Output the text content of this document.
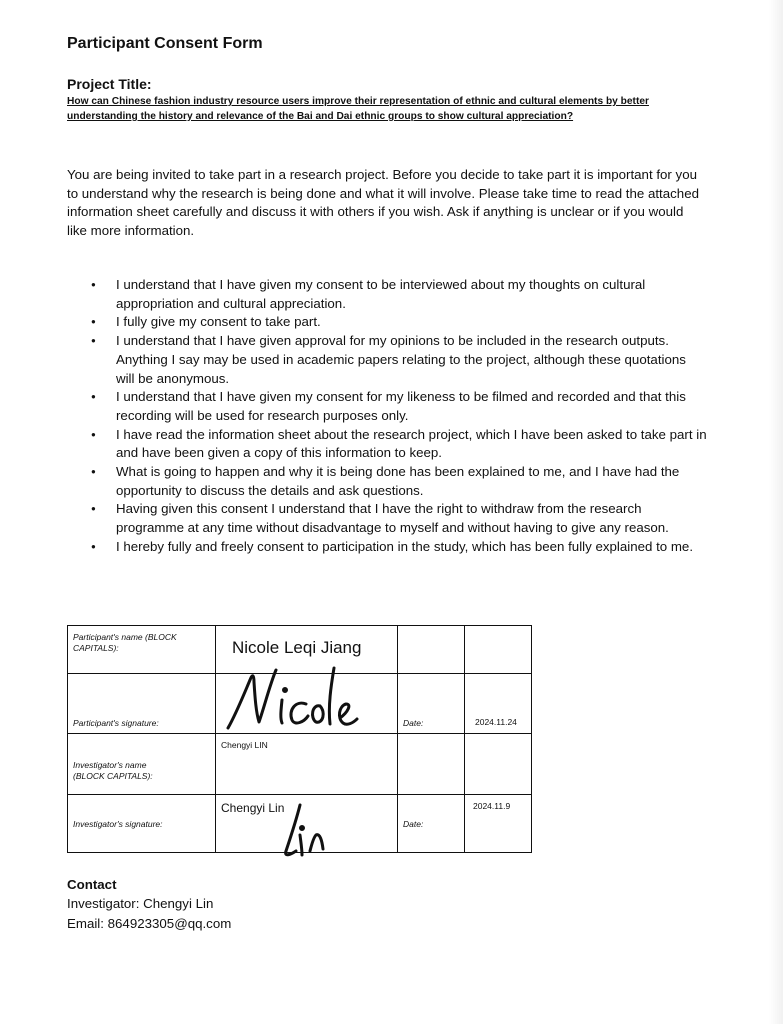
Participant Consent Form
Project Title:

How can Chinese fashion industry resource users improve their representation of ethnic and cultural elements by better understanding the history and relevance of the Bai and Dai ethnic groups to show cultural appreciation?

You are being invited to take part in a research project. Before you decide to take part it is important for you to understand why the research is being done and what it will involve. Please take time to read the attached information sheet carefully and discuss it with others if you wish. Ask if anything is unclear or if you would like more information.

● I understand that I have given my consent to be interviewed about my thoughts on cultural appropriation and cultural appreciation.
● I fully give my consent to take part.
● I understand that I have given approval for my opinions to be included in the research outputs. Anything I say may be used in academic papers relating to the project, although these quotations will be anonymous.
● I understand that I have given my consent for my likeness to be filmed and recorded and that this recording will be used for research purposes only.
● I have read the information sheet about the research project, which I have been asked to take part in and have been given a copy of this information to keep.
● What is going to happen and why it is being done has been explained to me, and I have had the opportunity to discuss the details and ask questions.
● Having given this consent I understand that I have the right to withdraw from the research programme at any time without disadvantage to myself and without having to give any reason.
● I hereby fully and freely consent to participation in the study, which has been fully explained to me.
Participant's name (BLOCK CAPITALS):	Nicole Leqi Jiang		

Participant's signature:		Date:	2024.11.24

Investigator's name (BLOCK CAPITALS):	Chengyi LIN		

Investigator's signature:	Chengyi Lin	Date:	2024.11.9
Contact

Investigator: Chengyi Lin

Email: 864923305@qq.com
